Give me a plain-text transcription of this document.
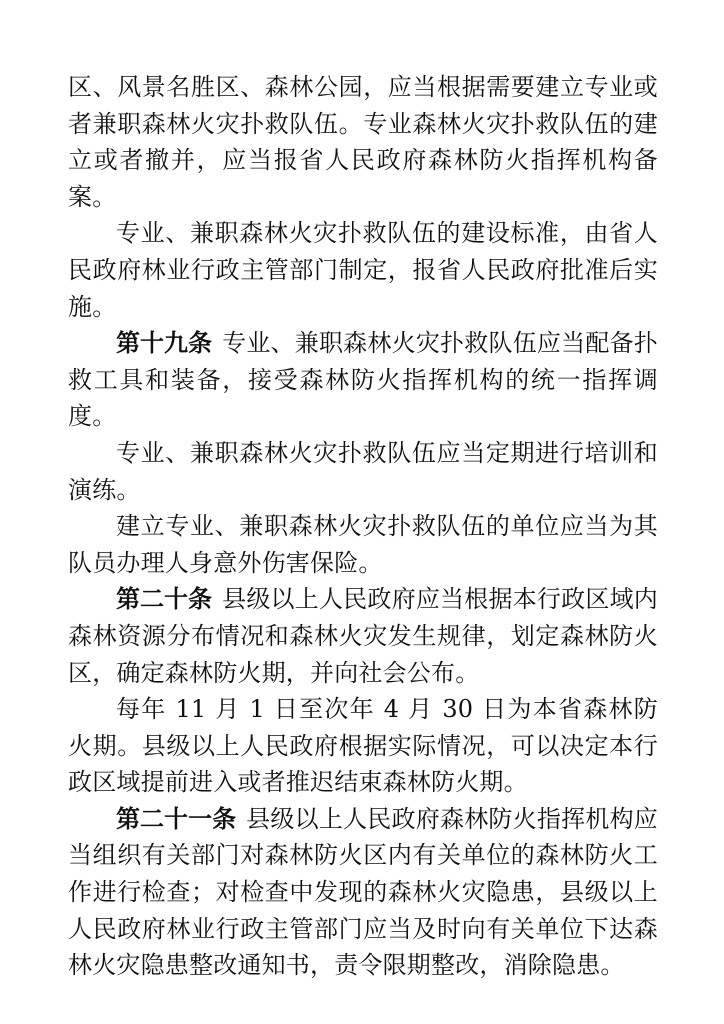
区、风景名胜区、森林公园，应当根据需要建立专业或者兼职森林火灾扑救队伍。专业森林火灾扑救队伍的建立或者撤并，应当报省人民政府森林防火指挥机构备案。

专业、兼职森林火灾扑救队伍的建设标准，由省人民政府林业行政主管部门制定，报省人民政府批准后实施。

第十九条 专业、兼职森林火灾扑救队伍应当配备扑救工具和装备，接受森林防火指挥机构的统一指挥调度。

专业、兼职森林火灾扑救队伍应当定期进行培训和演练。

建立专业、兼职森林火灾扑救队伍的单位应当为其队员办理人身意外伤害保险。

第二十条 县级以上人民政府应当根据本行政区域内森林资源分布情况和森林火灾发生规律，划定森林防火区，确定森林防火期，并向社会公布。

每年 11 月 1 日至次年 4 月 30 日为本省森林防火期。县级以上人民政府根据实际情况，可以决定本行政区域提前进入或者推迟结束森林防火期。

第二十一条 县级以上人民政府森林防火指挥机构应当组织有关部门对森林防火区内有关单位的森林防火工作进行检查；对检查中发现的森林火灾隐患，县级以上人民政府林业行政主管部门应当及时向有关单位下达森林火灾隐患整改通知书，责令限期整改，消除隐患。
